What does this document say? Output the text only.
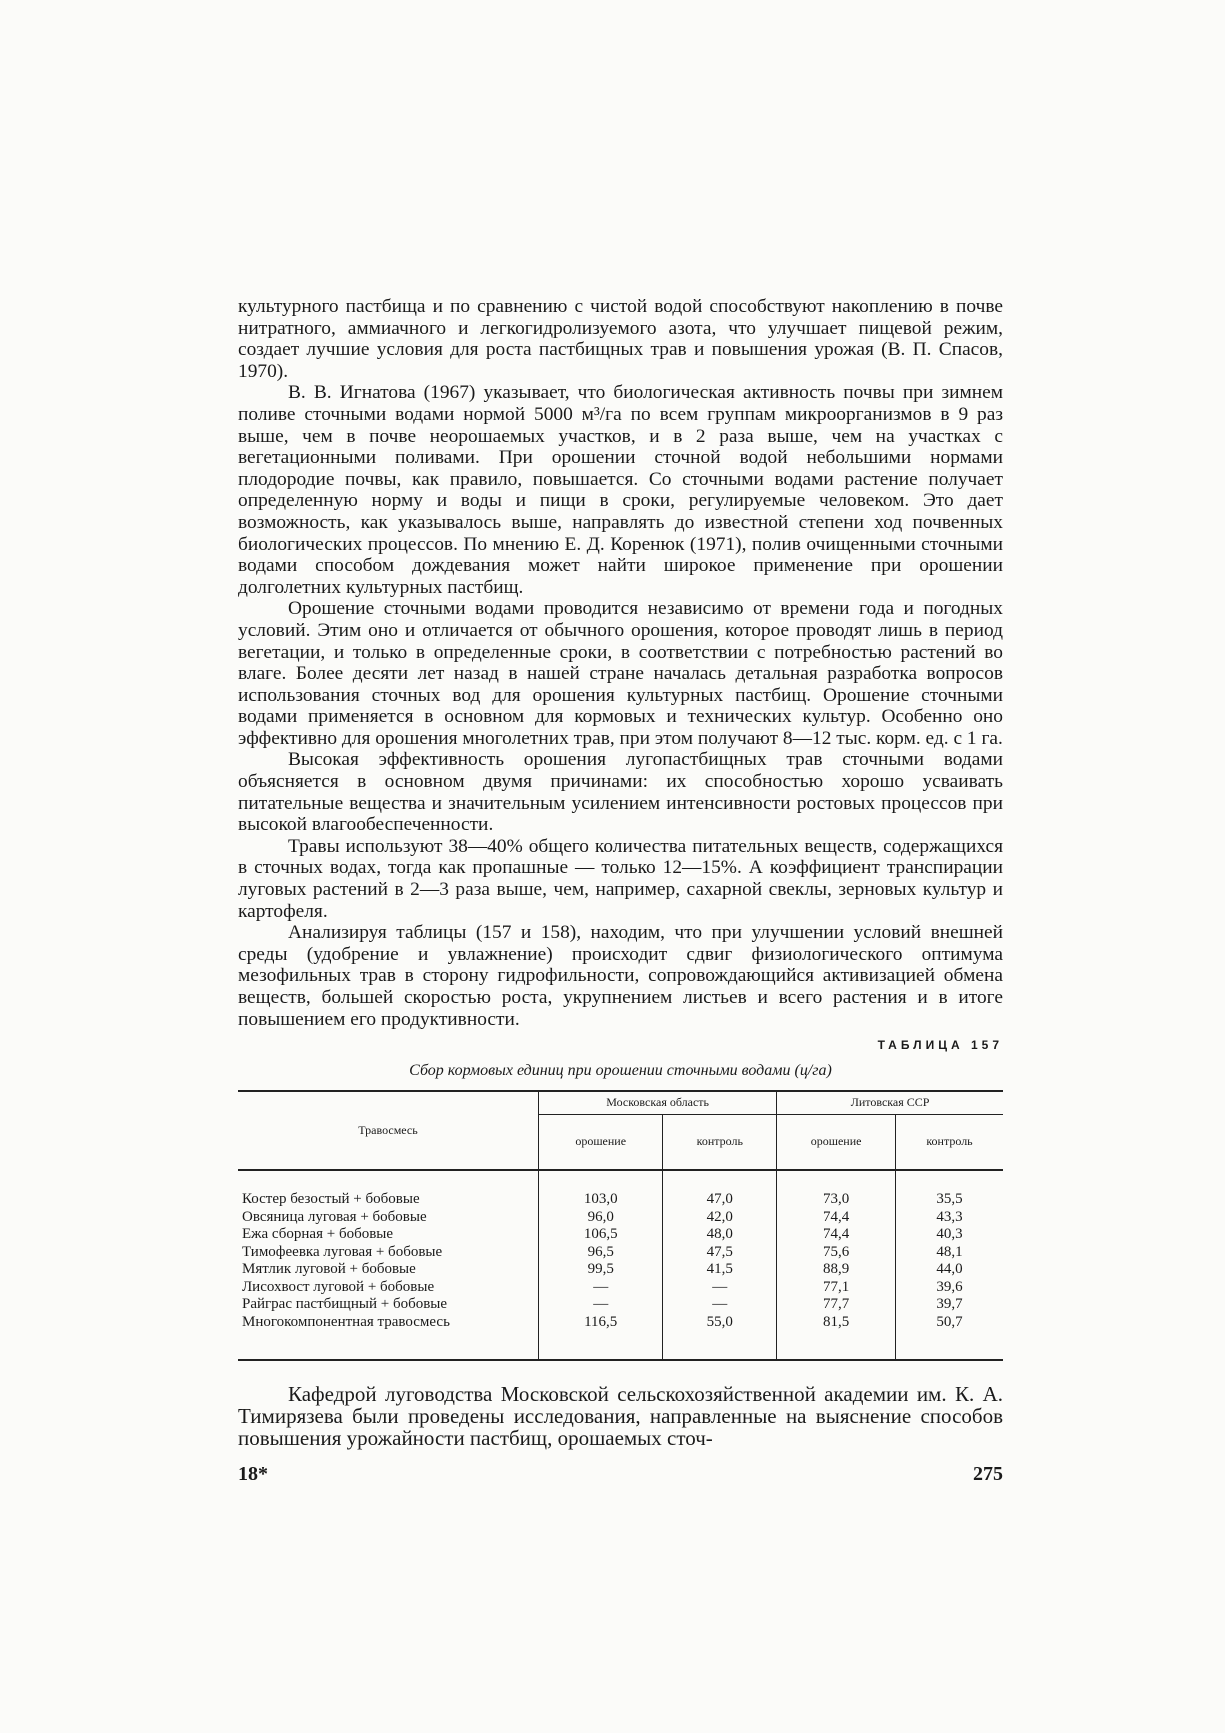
культурного пастбища и по сравнению с чистой водой способствуют накоплению в почве нитратного, аммиачного и легкогидролизуемого азота, что улучшает пищевой режим, создает лучшие условия для роста пастбищных трав и повышения урожая (В. П. Спасов, 1970).

В. В. Игнатова (1967) указывает, что биологическая активность почвы при зимнем поливе сточными водами нормой 5000 м³/га по всем группам микроорганизмов в 9 раз выше, чем в почве неорошаемых участков, и в 2 раза выше, чем на участках с вегетационными поливами. При орошении сточной водой небольшими нормами плодородие почвы, как правило, повышается. Со сточными водами растение получает определенную норму и воды и пищи в сроки, регулируемые человеком. Это дает возможность, как указывалось выше, направлять до известной степени ход почвенных биологических процессов. По мнению Е. Д. Коренюк (1971), полив очищенными сточными водами способом дождевания может найти широкое применение при орошении долголетних культурных пастбищ.

Орошение сточными водами проводится независимо от времени года и погодных условий. Этим оно и отличается от обычного орошения, которое проводят лишь в период вегетации, и только в определенные сроки, в соответствии с потребностью растений во влаге. Более десяти лет назад в нашей стране началась детальная разработка вопросов использования сточных вод для орошения культурных пастбищ. Орошение сточными водами применяется в основном для кормовых и технических культур. Особенно оно эффективно для орошения многолетних трав, при этом получают 8—12 тыс. корм. ед. с 1 га.

Высокая эффективность орошения лугопастбищных трав сточными водами объясняется в основном двумя причинами: их способностью хорошо усваивать питательные вещества и значительным усилением интенсивности ростовых процессов при высокой влагообеспеченности.

Травы используют 38—40% общего количества питательных веществ, содержащихся в сточных водах, тогда как пропашные — только 12—15%. А коэффициент транспирации луговых растений в 2—3 раза выше, чем, например, сахарной свеклы, зерновых культур и картофеля.

Анализируя таблицы (157 и 158), находим, что при улучшении условий внешней среды (удобрение и увлажнение) происходит сдвиг физиологического оптимума мезофильных трав в сторону гидрофильности, сопровождающийся активизацией обмена веществ, большей скоростью роста, укрупнением листьев и всего растения и в итоге повышением его продуктивности.

ТАБЛИЦА 157
Сбор кормовых единиц при орошении сточными водами (ц/га)
Травосмесь	Московская область		Литовская ССР	
	орошение	контроль	орошение	контроль
Костер безостый + бобовые	103,0	47,0	73,0	35,5
Овсяница луговая + бобовые	96,0	42,0	74,4	43,3
Ежа сборная + бобовые	106,5	48,0	74,4	40,3
Тимофеевка луговая + бобовые	96,5	47,5	75,6	48,1
Мятлик луговой + бобовые	99,5	41,5	88,9	44,0
Лисохвост луговой + бобовые	—	—	77,1	39,6
Райграс пастбищный + бобовые	—	—	77,7	39,7
Многокомпонентная травосмесь	116,5	55,0	81,5	50,7

Кафедрой луговодства Московской сельскохозяйственной академии им. К. А. Тимирязева были проведены исследования, направленные на выяснение способов повышения урожайности пастбищ, орошаемых сточ-

18*	275
